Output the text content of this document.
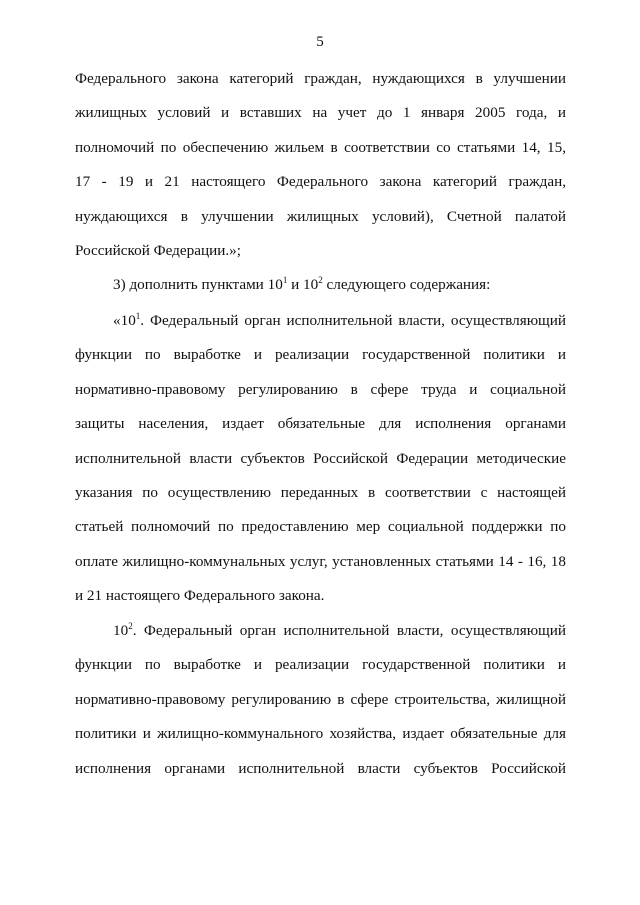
5
Федерального закона категорий граждан, нуждающихся в улучшении
жилищных условий и вставших на учет до 1 января 2005 года, и
полномочий по обеспечению жильем в соответствии со статьями 14, 15,
17 - 19 и 21 настоящего Федерального закона категорий граждан,
нуждающихся в улучшении жилищных условий), Счетной палатой
Российской Федерации.»;
3) дополнить пунктами $10^1$ и $10^2$ следующего содержания:
«$10^1$. Федеральный орган исполнительной власти, осуществляющий
функции по выработке и реализации государственной политики и
нормативно-правовому регулированию в сфере труда и социальной
защиты населения, издает обязательные для исполнения органами
исполнительной власти субъектов Российской Федерации методические
указания по осуществлению переданных в соответствии с настоящей
статьей полномочий по предоставлению мер социальной поддержки по
оплате жилищно-коммунальных услуг, установленных статьями 14 - 16, 18
и 21 настоящего Федерального закона.
$10^2$. Федеральный орган исполнительной власти, осуществляющий
функции по выработке и реализации государственной политики и
нормативно-правовому регулированию в сфере строительства, жилищной
политики и жилищно-коммунального хозяйства, издает обязательные для
исполнения органами исполнительной власти субъектов Российской
